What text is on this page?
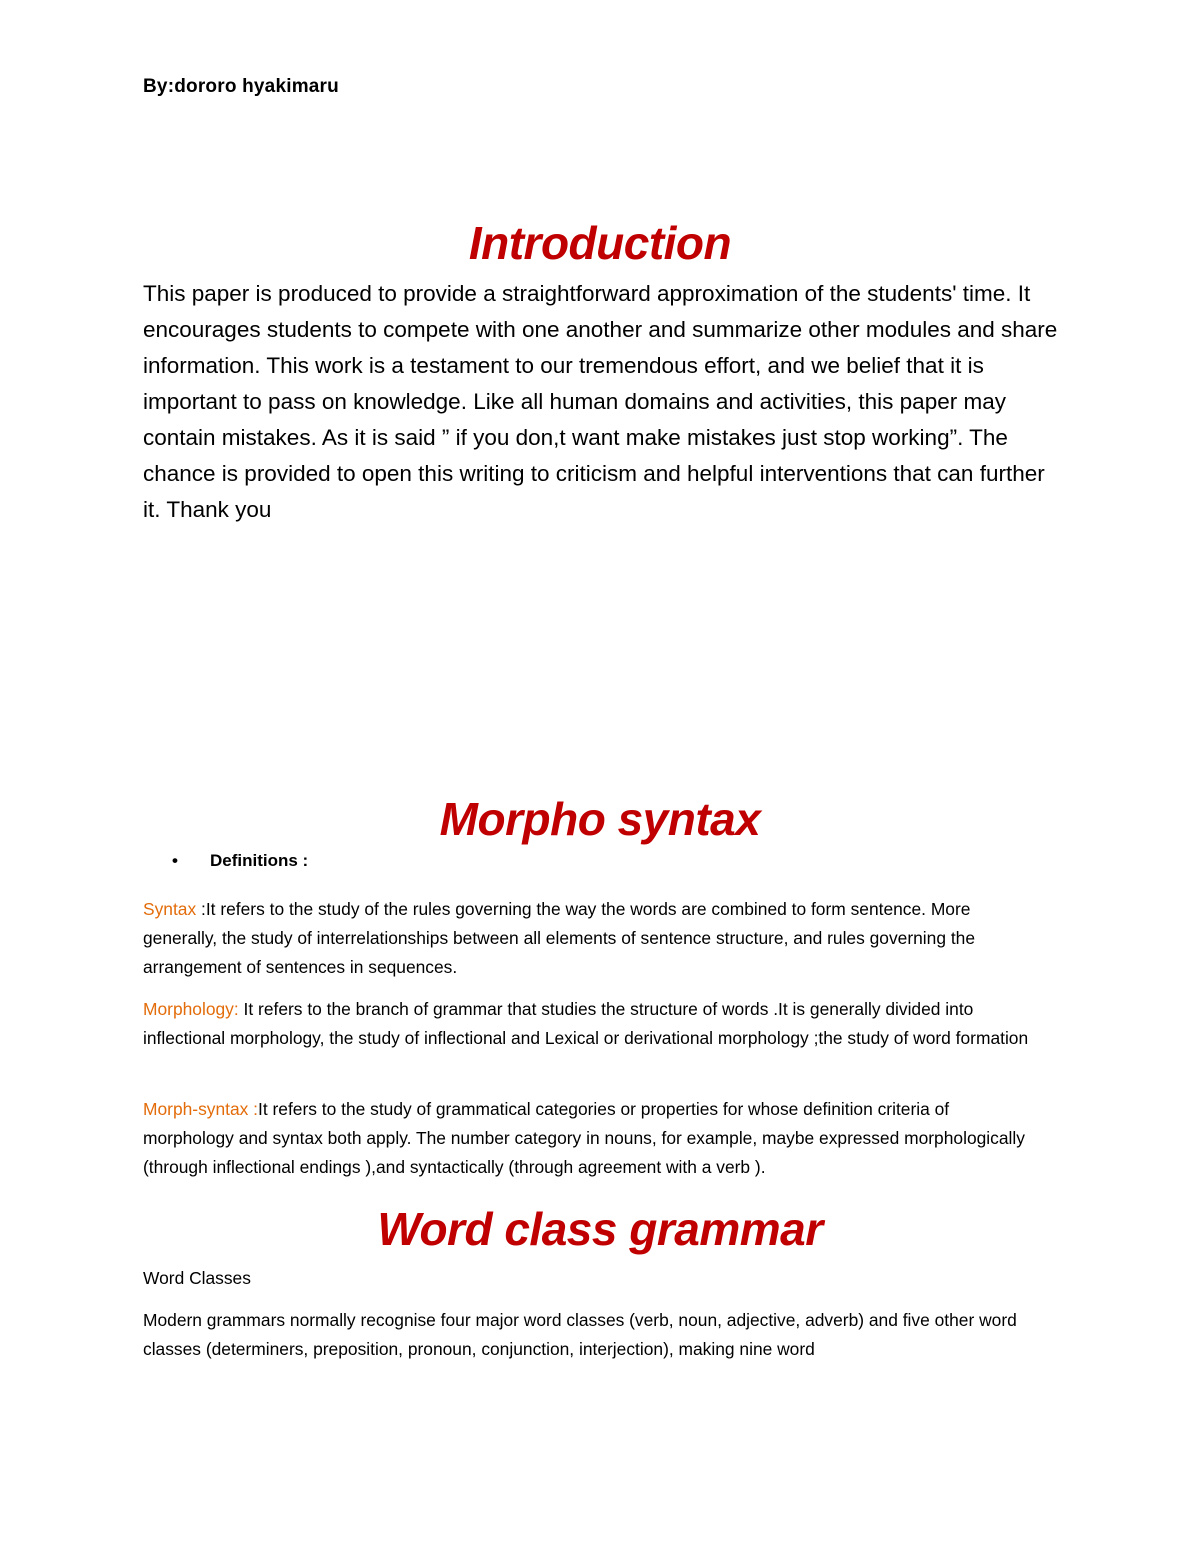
By:dororo hyakimaru
Introduction
This paper is produced to provide a straightforward approximation of the students' time. It encourages students to compete with one another and summarize other modules and share information. This work is a testament to our tremendous effort, and we belief that it is important to pass on knowledge. Like all human domains and activities, this paper may contain mistakes. As it is said ” if you don,t want make mistakes just stop working”. The chance is provided to open this writing to criticism and helpful interventions that can further it. Thank you
Morpho syntax
• Definitions :
Syntax :It refers to the study of the rules governing the way the words are combined to form sentence. More generally, the study of interrelationships between all elements of sentence structure, and rules governing the arrangement of sentences in sequences.
Morphology: It refers to the branch of grammar that studies the structure of words .It is generally divided into inflectional morphology, the study of inflectional and Lexical or derivational morphology ;the study of word formation
Morph-syntax :It refers to the study of grammatical categories or properties for whose definition criteria of morphology and syntax both apply. The number category in nouns, for example, maybe expressed morphologically (through inflectional endings ),and syntactically (through agreement with a verb ).
Word class grammar
Word Classes
Modern grammars normally recognise four major word classes (verb, noun, adjective, adverb) and five other word classes (determiners, preposition, pronoun, conjunction, interjection), making nine word
